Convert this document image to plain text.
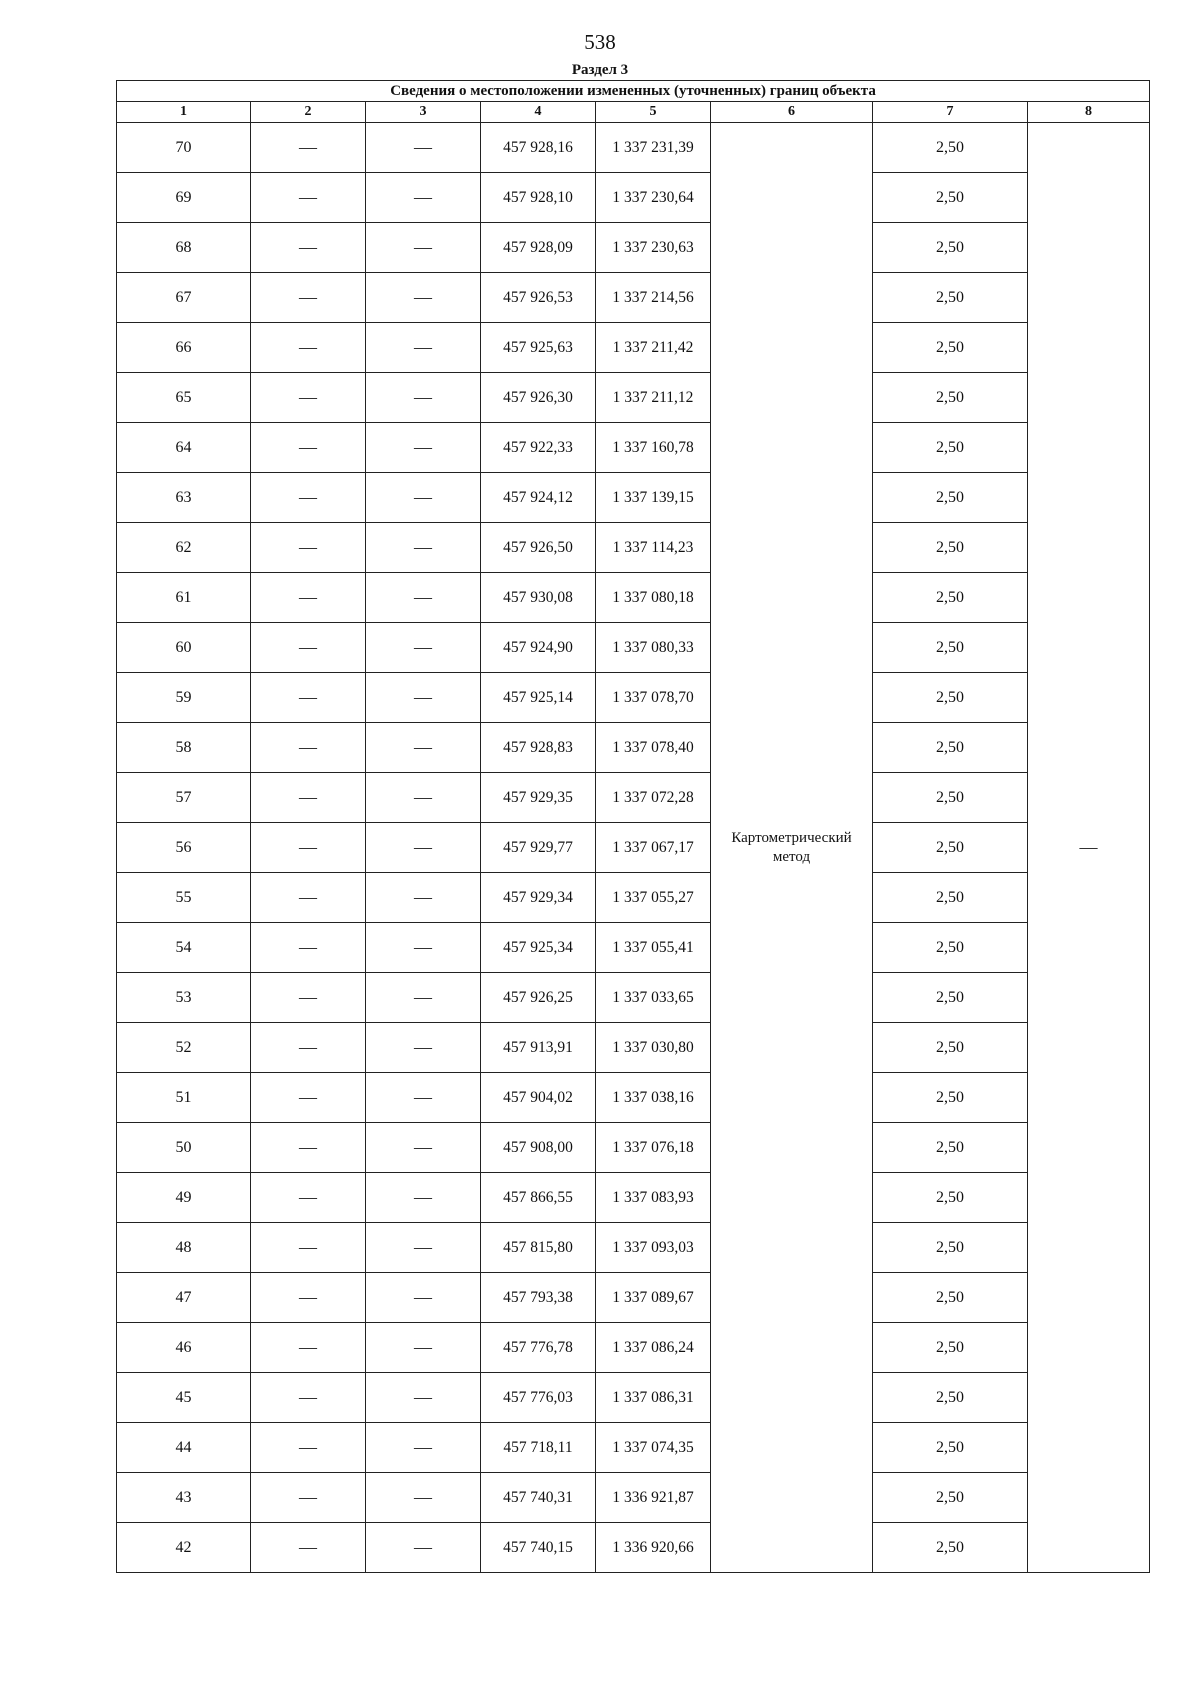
538
Раздел 3
Сведения о местоположении измененных (уточненных) границ объекта							
1	2	3	4	5	6	7	8
70	—	—	457 928,16	1 337 231,39	Картометрический метод	2,50	—
69	—	—	457 928,10	1 337 230,64		2,50	
68	—	—	457 928,09	1 337 230,63		2,50	
67	—	—	457 926,53	1 337 214,56		2,50	
66	—	—	457 925,63	1 337 211,42		2,50	
65	—	—	457 926,30	1 337 211,12		2,50	
64	—	—	457 922,33	1 337 160,78		2,50	
63	—	—	457 924,12	1 337 139,15		2,50	
62	—	—	457 926,50	1 337 114,23		2,50	
61	—	—	457 930,08	1 337 080,18		2,50	
60	—	—	457 924,90	1 337 080,33		2,50	
59	—	—	457 925,14	1 337 078,70		2,50	
58	—	—	457 928,83	1 337 078,40		2,50	
57	—	—	457 929,35	1 337 072,28		2,50	
56	—	—	457 929,77	1 337 067,17		2,50	
55	—	—	457 929,34	1 337 055,27		2,50	
54	—	—	457 925,34	1 337 055,41		2,50	
53	—	—	457 926,25	1 337 033,65		2,50	
52	—	—	457 913,91	1 337 030,80		2,50	
51	—	—	457 904,02	1 337 038,16		2,50	
50	—	—	457 908,00	1 337 076,18		2,50	
49	—	—	457 866,55	1 337 083,93		2,50	
48	—	—	457 815,80	1 337 093,03		2,50	
47	—	—	457 793,38	1 337 089,67		2,50	
46	—	—	457 776,78	1 337 086,24		2,50	
45	—	—	457 776,03	1 337 086,31		2,50	
44	—	—	457 718,11	1 337 074,35		2,50	
43	—	—	457 740,31	1 336 921,87		2,50	
42	—	—	457 740,15	1 336 920,66		2,50	
